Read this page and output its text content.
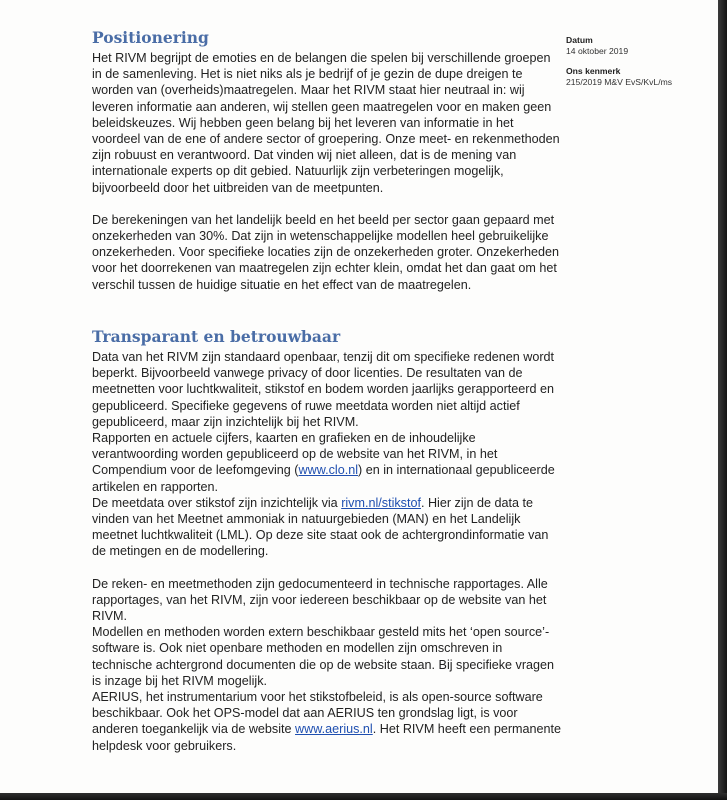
Positionering

Het RIVM begrijpt de emoties en de belangen die spelen bij verschillende groepen in de samenleving. Het is niet niks als je bedrijf of je gezin de dupe dreigen te worden van (overheids)maatregelen. Maar het RIVM staat hier neutraal in: wij leveren informatie aan anderen, wij stellen geen maatregelen voor en maken geen beleidskeuzes. Wij hebben geen belang bij het leveren van informatie in het voordeel van de ene of andere sector of groepering. Onze meet- en rekenmethoden zijn robuust en verantwoord. Dat vinden wij niet alleen, dat is de mening van internationale experts op dit gebied. Natuurlijk zijn verbeteringen mogelijk, bijvoorbeeld door het uitbreiden van de meetpunten.

De berekeningen van het landelijk beeld en het beeld per sector gaan gepaard met onzekerheden van 30%. Dat zijn in wetenschappelijke modellen heel gebruikelijke onzekerheden. Voor specifieke locaties zijn de onzekerheden groter. Onzekerheden voor het doorrekenen van maatregelen zijn echter klein, omdat het dan gaat om het verschil tussen de huidige situatie en het effect van de maatregelen.

Transparant en betrouwbaar

Data van het RIVM zijn standaard openbaar, tenzij dit om specifieke redenen wordt beperkt. Bijvoorbeeld vanwege privacy of door licenties. De resultaten van de meetnetten voor luchtkwaliteit, stikstof en bodem worden jaarlijks gerapporteerd en gepubliceerd. Specifieke gegevens of ruwe meetdata worden niet altijd actief gepubliceerd, maar zijn inzichtelijk bij het RIVM.

Rapporten en actuele cijfers, kaarten en grafieken en de inhoudelijke verantwoording worden gepubliceerd op de website van het RIVM, in het Compendium voor de leefomgeving (www.clo.nl) en in internationaal gepubliceerde artikelen en rapporten.

De meetdata over stikstof zijn inzichtelijk via rivm.nl/stikstof. Hier zijn de data te vinden van het Meetnet ammoniak in natuurgebieden (MAN) en het Landelijk meetnet luchtkwaliteit (LML). Op deze site staat ook de achtergrondinformatie van de metingen en de modellering.

De reken- en meetmethoden zijn gedocumenteerd in technische rapportages. Alle rapportages, van het RIVM, zijn voor iedereen beschikbaar op de website van het RIVM.

Modellen en methoden worden extern beschikbaar gesteld mits het ‘open source’-software is. Ook niet openbare methoden en modellen zijn omschreven in technische achtergrond documenten die op de website staan. Bij specifieke vragen is inzage bij het RIVM mogelijk.

AERIUS, het instrumentarium voor het stikstofbeleid, is als open-source software beschikbaar. Ook het OPS-model dat aan AERIUS ten grondslag ligt, is voor anderen toegankelijk via de website www.aerius.nl. Het RIVM heeft een permanente helpdesk voor gebruikers.

Datum
14 oktober 2019
Ons kenmerk
215/2019 M&V EvS/KvL/ms
